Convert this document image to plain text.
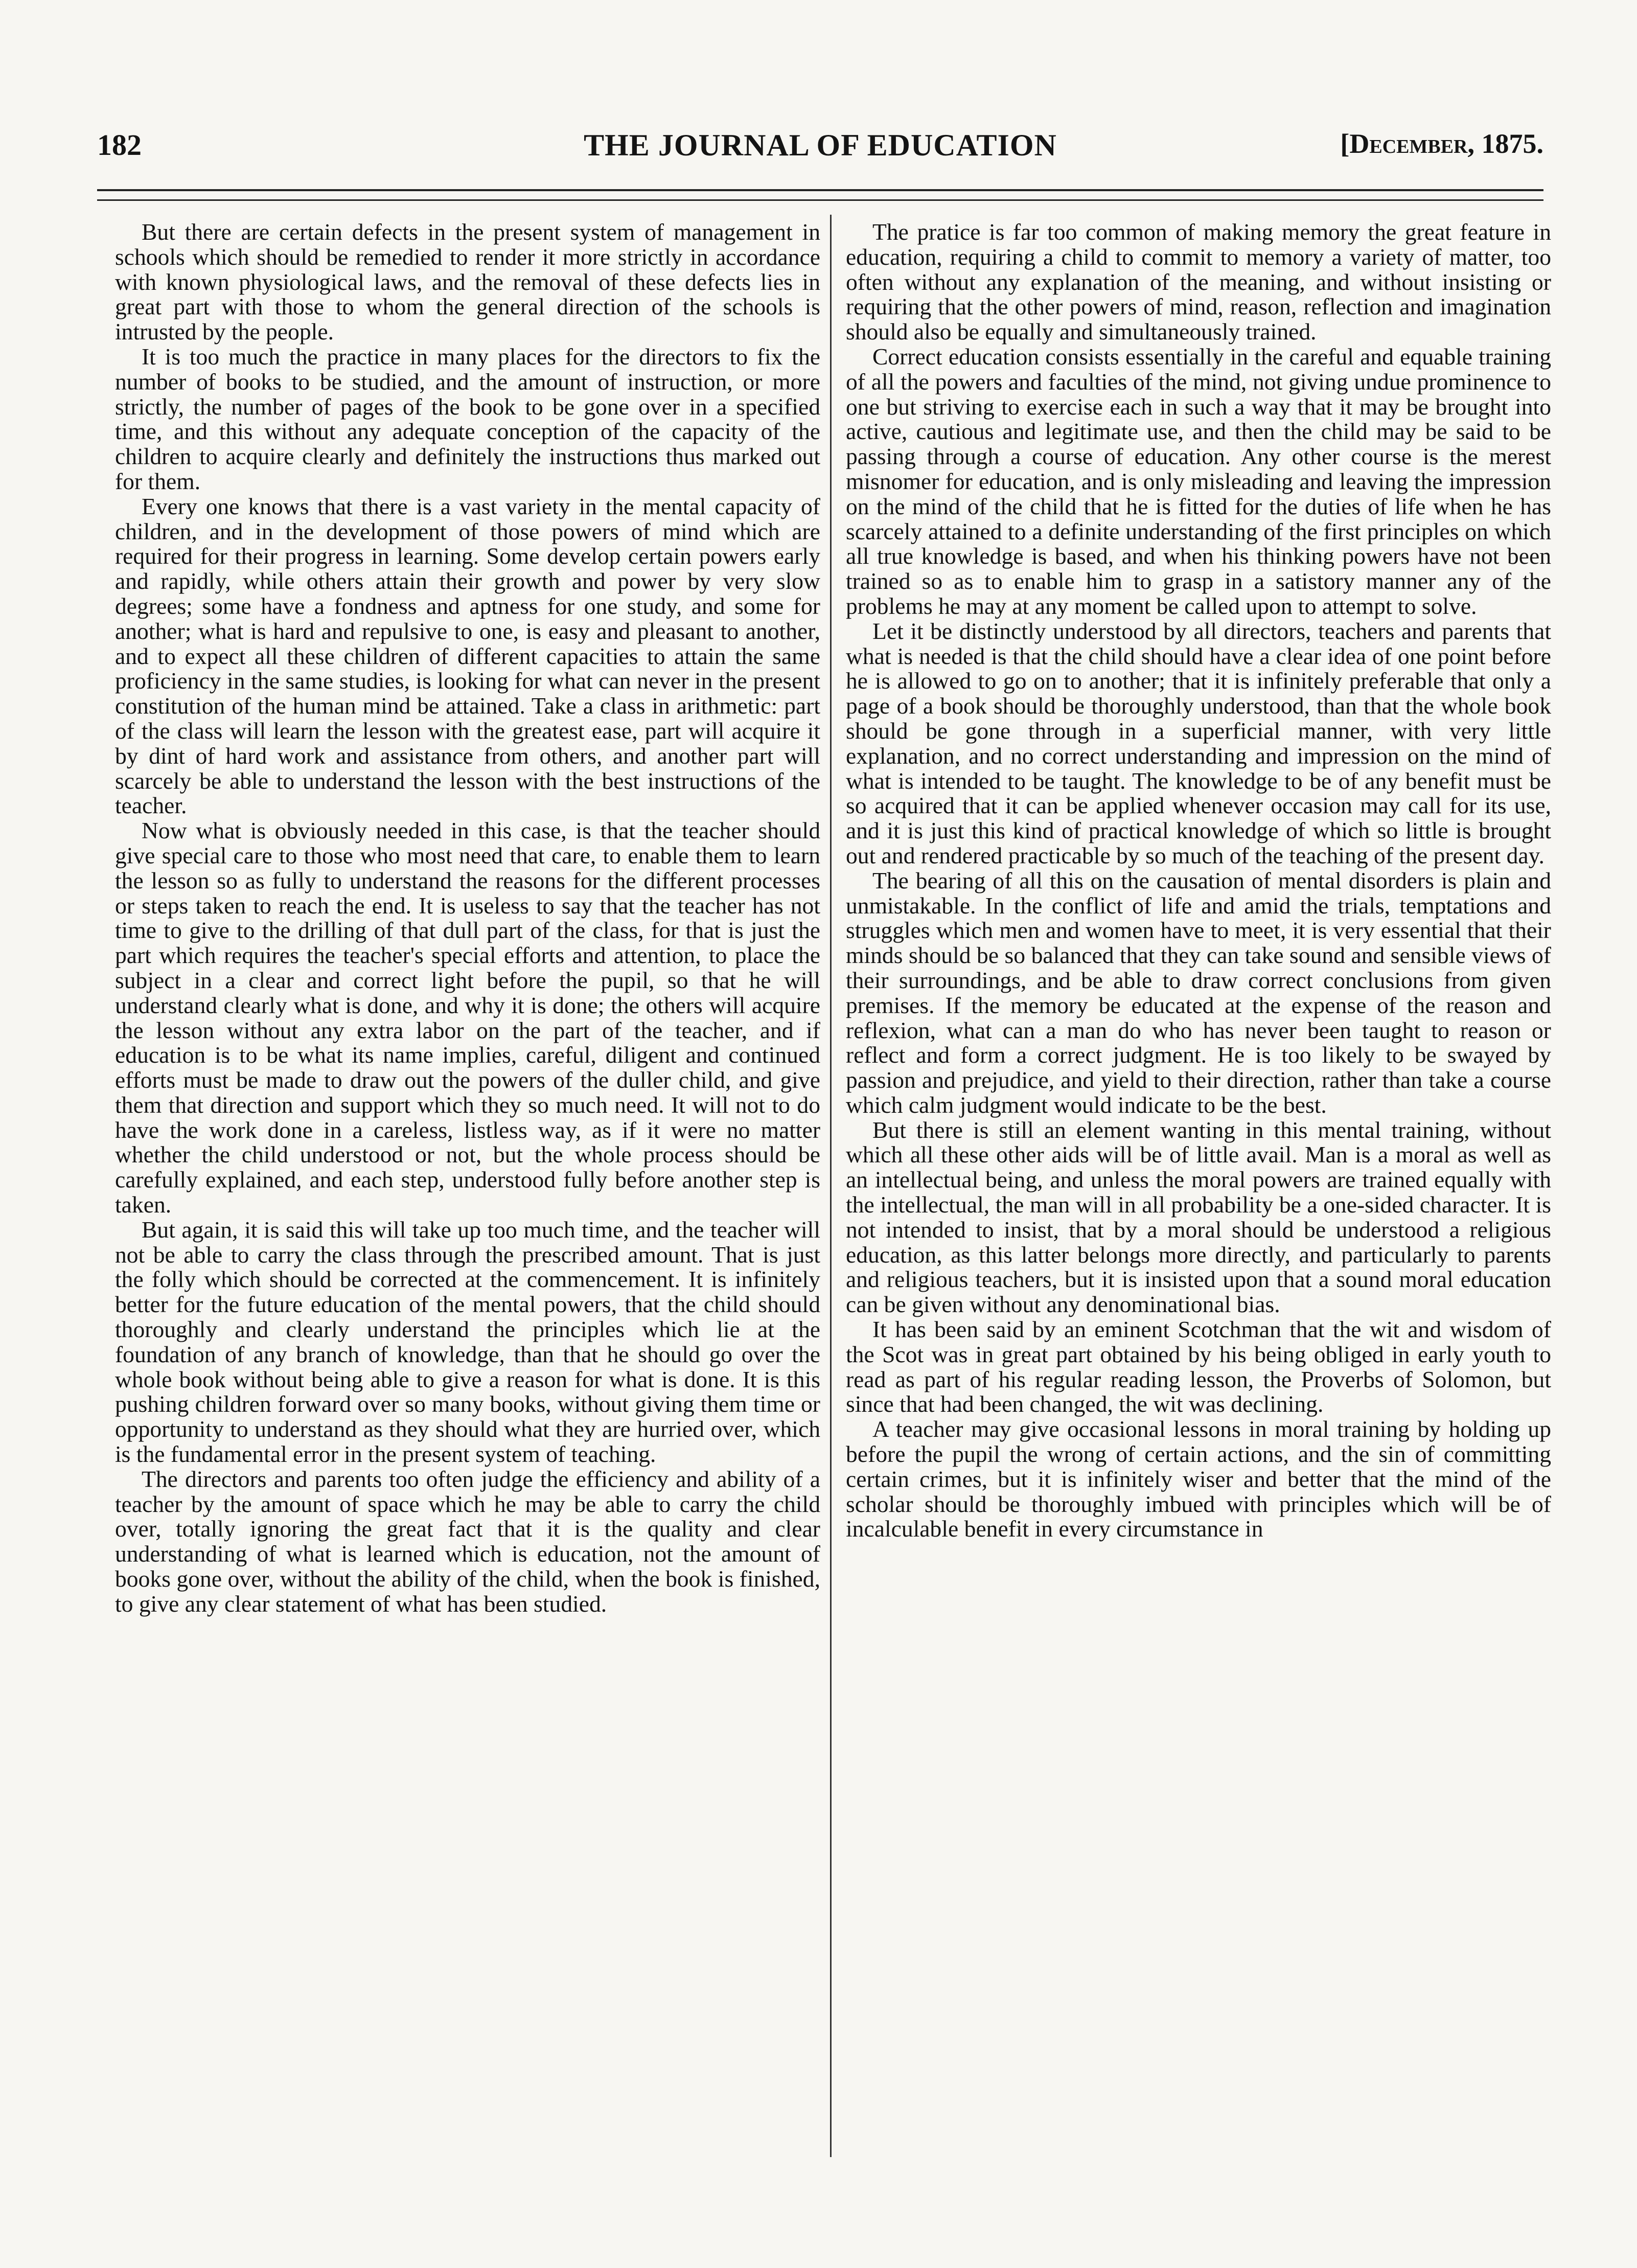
182	THE JOURNAL OF EDUCATION	[December, 1875.

But there are certain defects in the present system of management in schools which should be remedied to render it more strictly in accordance with known physiological laws, and the removal of these defects lies in great part with those to whom the general direction of the schools is intrusted by the people.

It is too much the practice in many places for the directors to fix the number of books to be studied, and the amount of instruction, or more strictly, the number of pages of the book to be gone over in a specified time, and this without any adequate conception of the capacity of the children to acquire clearly and definitely the instructions thus marked out for them.

Every one knows that there is a vast variety in the mental capacity of children, and in the development of those powers of mind which are required for their progress in learning. Some develop certain powers early and rapidly, while others attain their growth and power by very slow degrees; some have a fondness and aptness for one study, and some for another; what is hard and repulsive to one, is easy and pleasant to another, and to expect all these children of different capacities to attain the same proficiency in the same studies, is looking for what can never in the present constitution of the human mind be attained. Take a class in arithmetic: part of the class will learn the lesson with the greatest ease, part will acquire it by dint of hard work and assistance from others, and another part will scarcely be able to understand the lesson with the best instructions of the teacher.

Now what is obviously needed in this case, is that the teacher should give special care to those who most need that care, to enable them to learn the lesson so as fully to understand the reasons for the different processes or steps taken to reach the end. It is useless to say that the teacher has not time to give to the drilling of that dull part of the class, for that is just the part which requires the teacher's special efforts and attention, to place the subject in a clear and correct light before the pupil, so that he will understand clearly what is done, and why it is done; the others will acquire the lesson without any extra labor on the part of the teacher, and if education is to be what its name implies, careful, diligent and continued efforts must be made to draw out the powers of the duller child, and give them that direction and support which they so much need. It will not to do have the work done in a careless, listless way, as if it were no matter whether the child understood or not, but the whole process should be carefully explained, and each step, understood fully before another step is taken.

But again, it is said this will take up too much time, and the teacher will not be able to carry the class through the prescribed amount. That is just the folly which should be corrected at the commencement. It is infinitely better for the future education of the mental powers, that the child should thoroughly and clearly understand the principles which lie at the foundation of any branch of knowledge, than that he should go over the whole book without being able to give a reason for what is done. It is this pushing children forward over so many books, without giving them time or opportunity to understand as they should what they are hurried over, which is the fundamental error in the present system of teaching.

The directors and parents too often judge the efficiency and ability of a teacher by the amount of space which he may be able to carry the child over, totally ignoring the great fact that it is the quality and clear understanding of what is learned which is education, not the amount of books gone over, without the ability of the child, when the book is finished, to give any clear statement of what has been studied.

The pratice is far too common of making memory the great feature in education, requiring a child to commit to memory a variety of matter, too often without any explanation of the meaning, and without insisting or requiring that the other powers of mind, reason, reflection and imagination should also be equally and simultaneously trained.

Correct education consists essentially in the careful and equable training of all the powers and faculties of the mind, not giving undue prominence to one but striving to exercise each in such a way that it may be brought into active, cautious and legitimate use, and then the child may be said to be passing through a course of education. Any other course is the merest misnomer for education, and is only misleading and leaving the impression on the mind of the child that he is fitted for the duties of life when he has scarcely attained to a definite understanding of the first principles on which all true knowledge is based, and when his thinking powers have not been trained so as to enable him to grasp in a satistory manner any of the problems he may at any moment be called upon to attempt to solve.

Let it be distinctly understood by all directors, teachers and parents that what is needed is that the child should have a clear idea of one point before he is allowed to go on to another; that it is infinitely preferable that only a page of a book should be thoroughly understood, than that the whole book should be gone through in a superficial manner, with very little explanation, and no correct understanding and impression on the mind of what is intended to be taught. The knowledge to be of any benefit must be so acquired that it can be applied whenever occasion may call for its use, and it is just this kind of practical knowledge of which so little is brought out and rendered practicable by so much of the teaching of the present day.

The bearing of all this on the causation of mental disorders is plain and unmistakable. In the conflict of life and amid the trials, temptations and struggles which men and women have to meet, it is very essential that their minds should be so balanced that they can take sound and sensible views of their surroundings, and be able to draw correct conclusions from given premises. If the memory be educated at the expense of the reason and reflexion, what can a man do who has never been taught to reason or reflect and form a correct judgment. He is too likely to be swayed by passion and prejudice, and yield to their direction, rather than take a course which calm judgment would indicate to be the best.

But there is still an element wanting in this mental training, without which all these other aids will be of little avail. Man is a moral as well as an intellectual being, and unless the moral powers are trained equally with the intellectual, the man will in all probability be a one-sided character. It is not intended to insist, that by a moral should be understood a religious education, as this latter belongs more directly, and particularly to parents and religious teachers, but it is insisted upon that a sound moral education can be given without any denominational bias.

It has been said by an eminent Scotchman that the wit and wisdom of the Scot was in great part obtained by his being obliged in early youth to read as part of his regular reading lesson, the Proverbs of Solomon, but since that had been changed, the wit was declining.

A teacher may give occasional lessons in moral training by holding up before the pupil the wrong of certain actions, and the sin of committing certain crimes, but it is infinitely wiser and better that the mind of the scholar should be thoroughly imbued with principles which will be of incalculable benefit in every circumstance in
